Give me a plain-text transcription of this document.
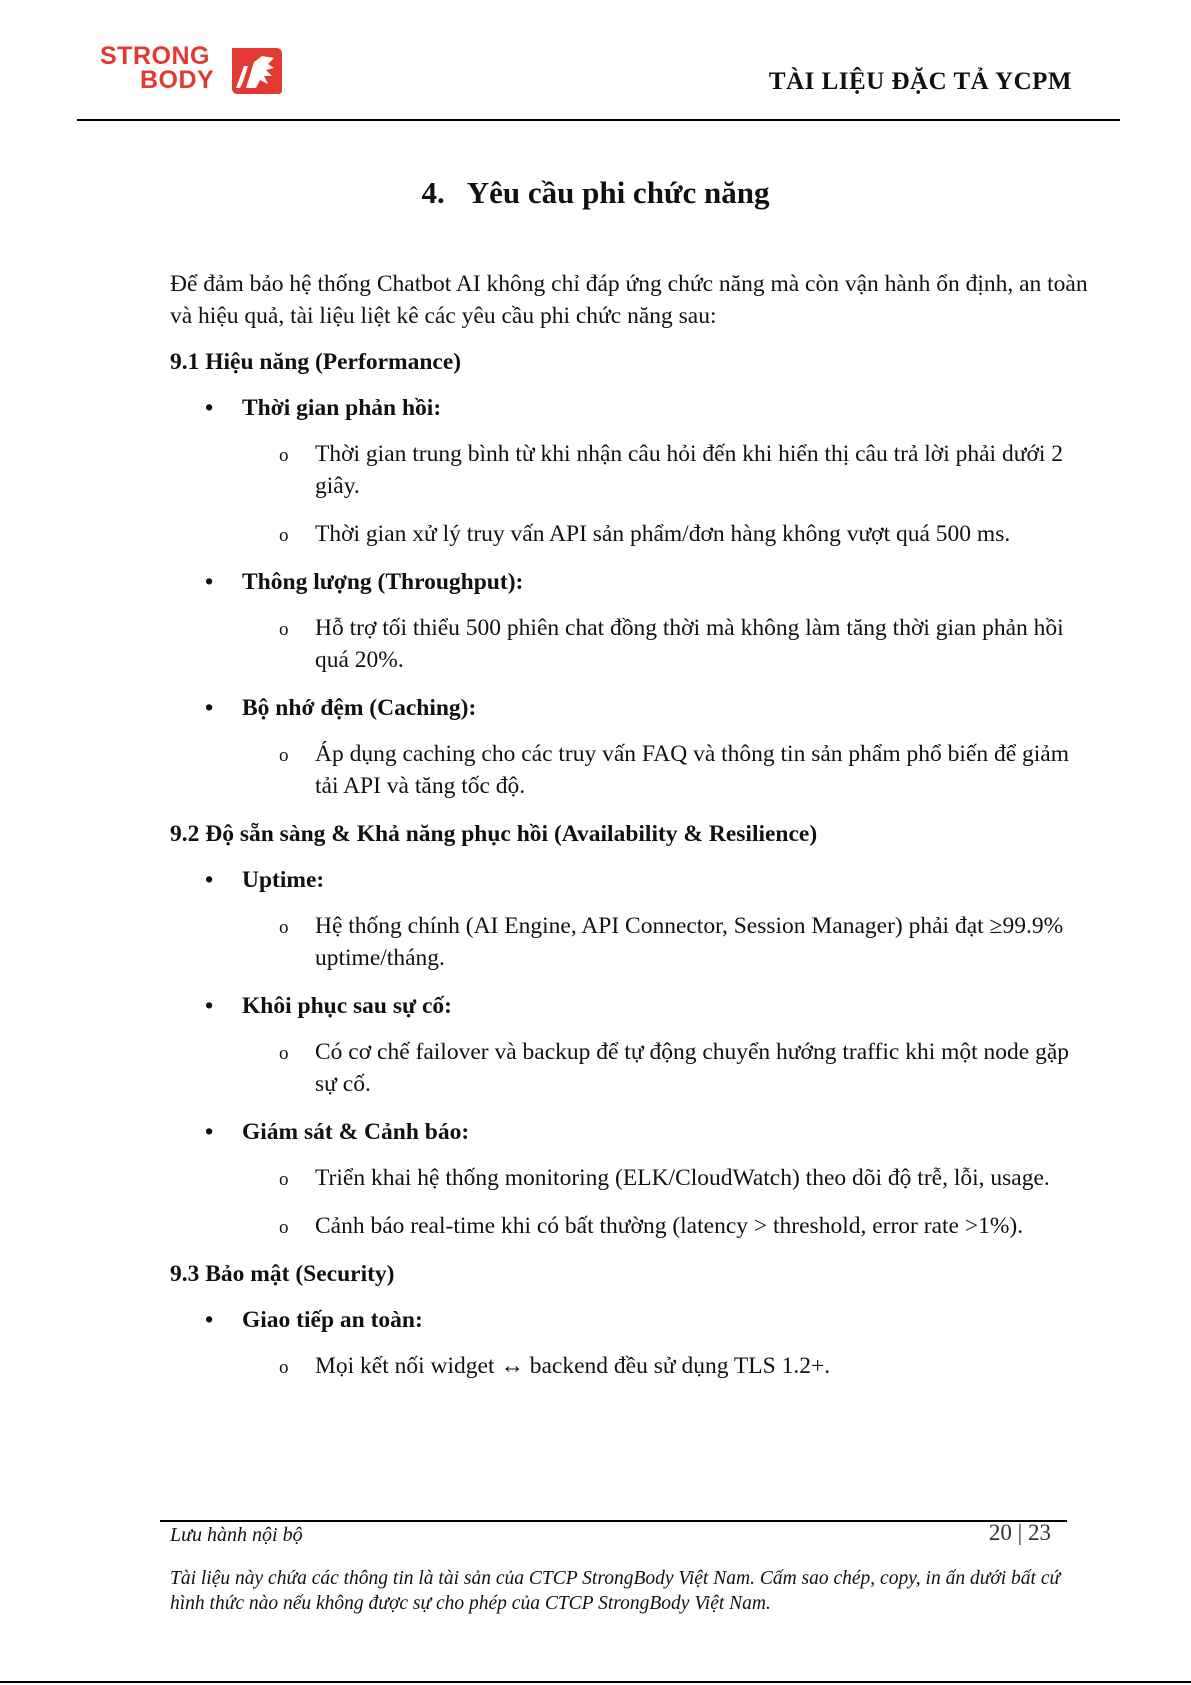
STRONG
BODY	TÀI LIỆU ĐẶC TẢ YCPM
4. Yêu cầu phi chức năng

Để đảm bảo hệ thống Chatbot AI không chỉ đáp ứng chức năng mà còn vận hành ổn định, an toàn và hiệu quả, tài liệu liệt kê các yêu cầu phi chức năng sau:

9.1 Hiệu năng (Performance)
• Thời gian phản hồi:
o Thời gian trung bình từ khi nhận câu hỏi đến khi hiển thị câu trả lời phải dưới 2 giây.
o Thời gian xử lý truy vấn API sản phẩm/đơn hàng không vượt quá 500 ms.
• Thông lượng (Throughput):
o Hỗ trợ tối thiểu 500 phiên chat đồng thời mà không làm tăng thời gian phản hồi quá 20%.
• Bộ nhớ đệm (Caching):
o Áp dụng caching cho các truy vấn FAQ và thông tin sản phẩm phổ biến để giảm tải API và tăng tốc độ.
9.2 Độ sẵn sàng & Khả năng phục hồi (Availability & Resilience)
• Uptime:
o Hệ thống chính (AI Engine, API Connector, Session Manager) phải đạt ≥99.9% uptime/tháng.
• Khôi phục sau sự cố:
o Có cơ chế failover và backup để tự động chuyển hướng traffic khi một node gặp sự cố.
• Giám sát & Cảnh báo:
o Triển khai hệ thống monitoring (ELK/CloudWatch) theo dõi độ trễ, lỗi, usage.
o Cảnh báo real-time khi có bất thường (latency > threshold, error rate >1%).
9.3 Bảo mật (Security)
• Giao tiếp an toàn:
o Mọi kết nối widget ↔ backend đều sử dụng TLS 1.2+.
Lưu hành nội bộ	20 | 23
Tài liệu này chứa các thông tin là tài sản của CTCP StrongBody Việt Nam. Cấm sao chép, copy, in ấn dưới bất cứ hình thức nào nếu không được sự cho phép của CTCP StrongBody Việt Nam.
